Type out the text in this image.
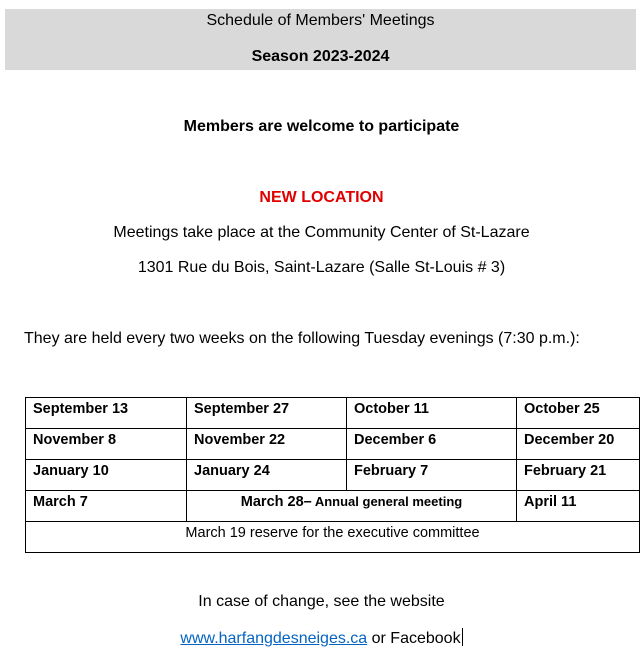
Schedule of Members' Meetings
Season 2023-2024
Members are welcome to participate
NEW LOCATION
Meetings take place at the Community Center of St-Lazare
1301 Rue du Bois, Saint-Lazare (Salle St-Louis # 3)
They are held every two weeks on the following Tuesday evenings (7:30 p.m.):
September 13	September 27	October 11	October 25
November 8	November 22	December 6	December 20
January 10	January 24	February 7	February 21
March 7	March 28– Annual general meeting		April 11
March 19 reserve for the executive committee			
In case of change, see the website
www.harfangdesneiges.ca or Facebook
